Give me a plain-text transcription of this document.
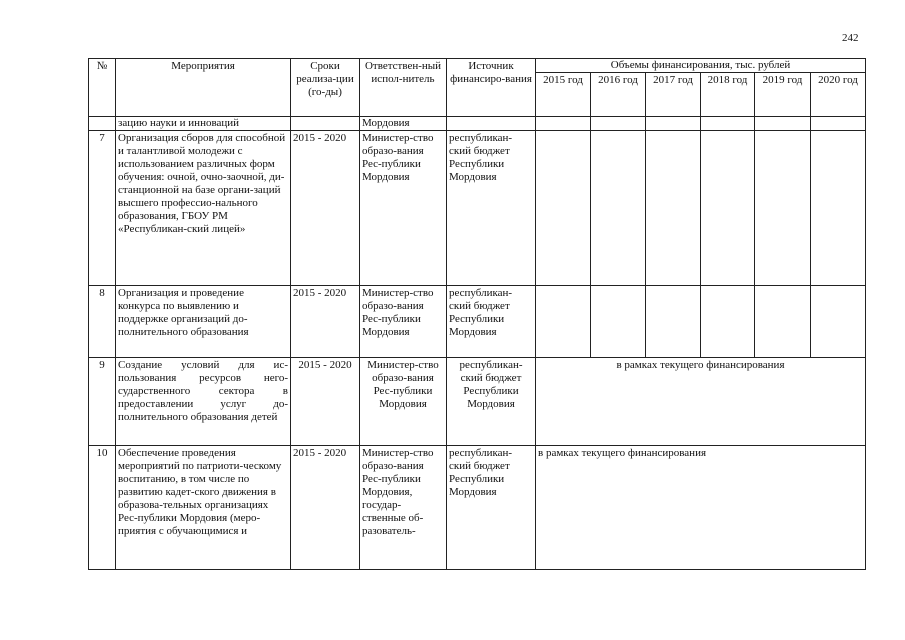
242
№	Мероприятия	Сроки реализа-ции (го-ды)	Ответствен-ный испол-нитель	Источник финансиро-вания	Объемы финансирования, тыс. рублей					
					2015 год	2016 год	2017 год	2018 год	2019 год	2020 год
	зацию науки и инноваций		Мордовия							
7	Организация сборов для способной и талантливой молодежи с использованием различных форм обучения: очной, очно-заочной, ди-станционной на базе органи-заций высшего профессио-нального образования, ГБОУ РМ «Республикан-ский лицей»	2015 - 2020	Министер-ство образо-вания Рес-публики Мордовия	республикан-ский бюджет Республики Мордовия						
8	Организация и проведение конкурса по выявлению и поддержке организаций до-полнительного образования	2015 - 2020	Министер-ство образо-вания Рес-публики Мордовия	республикан-ский бюджет Республики Мордовия						
9	Создание условий для ис-пользования ресурсов него-сударственного сектора в предоставлении услуг до-полнительного образования детей	2015 - 2020	Министер-ство образо-вания Рес-публики Мордовия	республикан-ский бюджет Республики Мордовия	в рамках текущего финансирования					
10	Обеспечение проведения мероприятий по патриоти-ческому воспитанию, в том числе по развитию кадет-ского движения в образова-тельных организациях Рес-публики Мордовия (меро-приятия с обучающимися и	2015 - 2020	Министер-ство образо-вания Рес-публики Мордовия, государ-ственные об-разователь-	республикан-ский бюджет Республики Мордовия	в рамках текущего финансирования					
